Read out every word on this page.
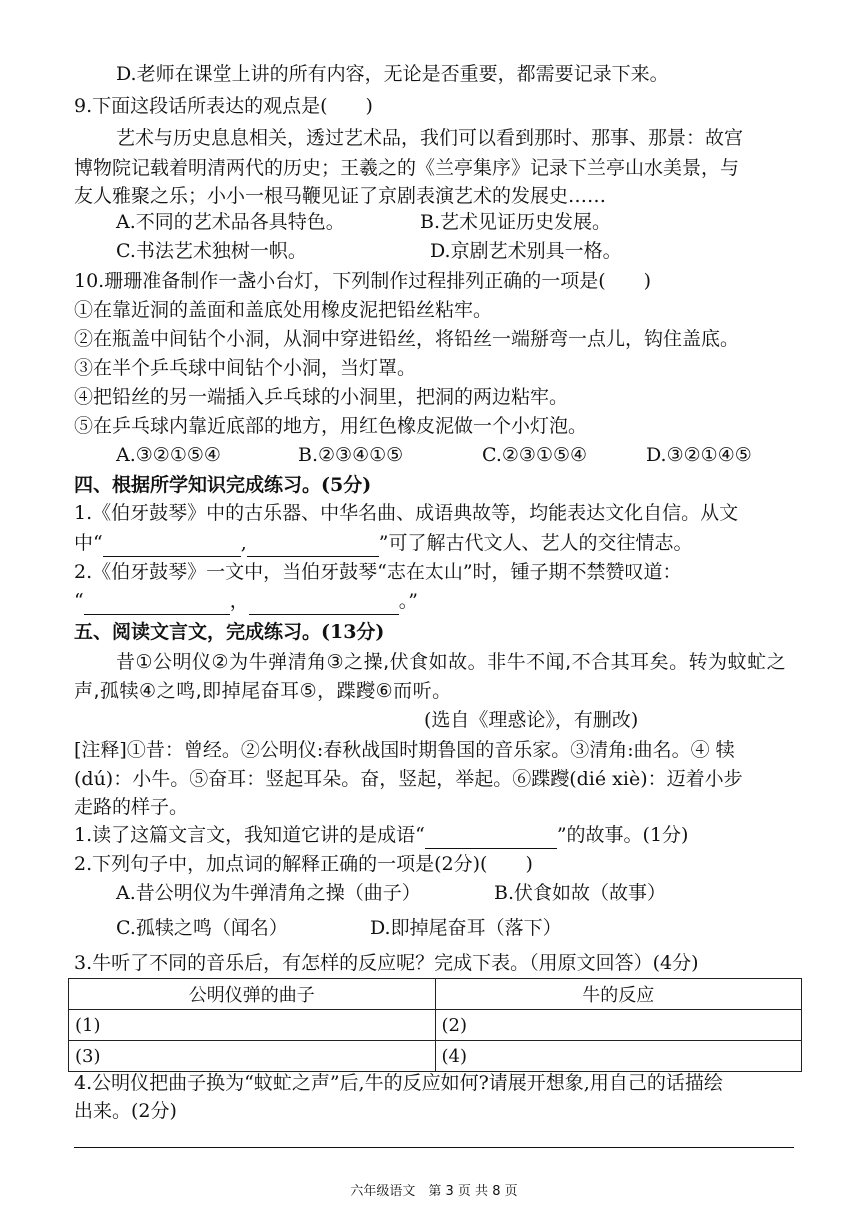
D.老师在课堂上讲的所有内容，无论是否重要，都需要记录下来。
9.下面这段话所表达的观点是(　　)
艺术与历史息息相关，透过艺术品，我们可以看到那时、那事、那景：故宫
博物院记载着明清两代的历史；王羲之的《兰亭集序》记录下兰亭山水美景，与
友人雅聚之乐；小小一根马鞭见证了京剧表演艺术的发展史……
A.不同的艺术品各具特色。	B.艺术见证历史发展。
C.书法艺术独树一帜。	D.京剧艺术别具一格。
10.珊珊准备制作一盏小台灯，下列制作过程排列正确的一项是(　　)
①在靠近洞的盖面和盖底处用橡皮泥把铅丝粘牢。
②在瓶盖中间钻个小洞，从洞中穿进铅丝，将铅丝一端掰弯一点儿，钩住盖底。
③在半个乒乓球中间钻个小洞，当灯罩。
④把铅丝的另一端插入乒乓球的小洞里，把洞的两边粘牢。
⑤在乒乓球内靠近底部的地方，用红色橡皮泥做一个小灯泡。
A.③②①⑤④	B.②③④①⑤	C.②③①⑤④	D.③②①④⑤
四、根据所学知识完成练习。(5分)
1.《伯牙鼓琴》中的古乐器、中华名曲、成语典故等，均能表达文化自信。从文
中“	,	”可了解古代文人、艺人的交往情志。
2.《伯牙鼓琴》一文中，当伯牙鼓琴“志在太山”时，锺子期不禁赞叹道：
“	，	。”
五、阅读文言文，完成练习。(13分)
昔①公明仪②为牛弹清角③之操,伏食如故。非牛不闻,不合其耳矣。转为蚊虻之
声,孤犊④之鸣,即掉尾奋耳⑤，蹀躞⑥而听。
(选自《理惑论》，有删改)
[注释]①昔：曾经。②公明仪:春秋战国时期鲁国的音乐家。③清角:曲名。④ 犊
(dú)：小牛。⑤奋耳：竖起耳朵。奋，竖起，举起。⑥蹀躞(dié xiè)：迈着小步
走路的样子。
1.读了这篇文言文，我知道它讲的是成语“	”的故事。(1分)
2.下列句子中，加点词的解释正确的一项是(2分)(　　)
A.昔公明仪为牛弹清角之操（曲子）	B.伏食如故（故事）
C.孤犊之鸣（闻名）	D.即掉尾奋耳（落下）
3.牛听了不同的音乐后，有怎样的反应呢？完成下表。（用原文回答）(4分)
公明仪弹的曲子	牛的反应
(1)	(2)
(3)	(4)
4.公明仪把曲子换为“蚊虻之声”后,牛的反应如何?请展开想象,用自己的话描绘
出来。(2分)
六年级语文　第 3 页 共 8 页
